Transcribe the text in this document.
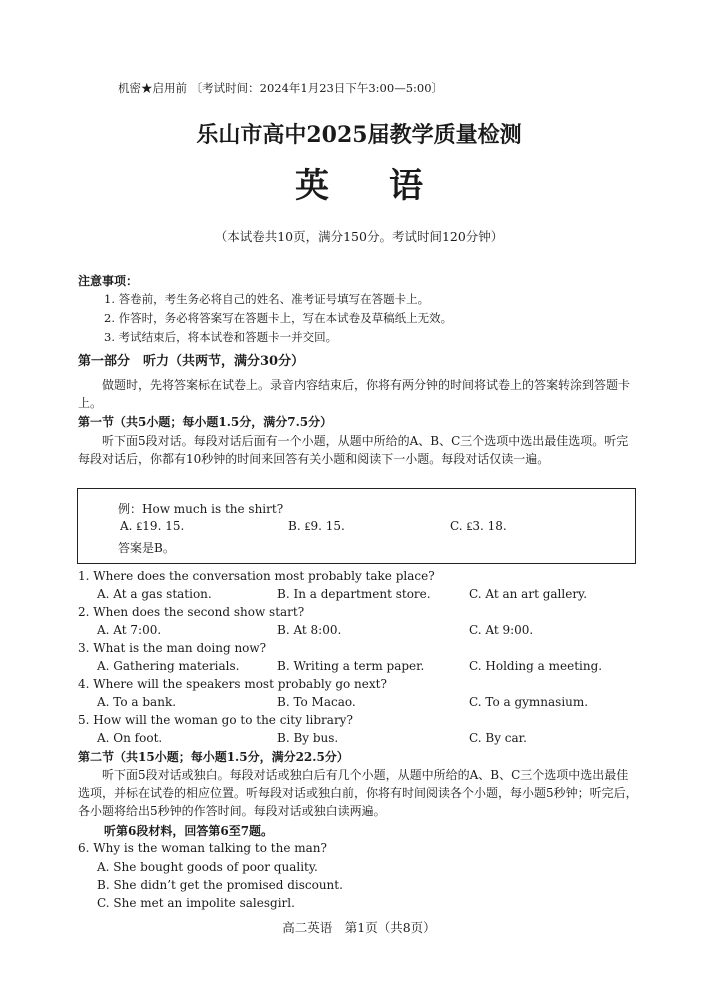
机密★启用前 〔考试时间：2024年1月23日下午3:00—5:00〕
乐山市高中2025届教学质量检测
英语
（本试卷共10页，满分150分。考试时间120分钟）
注意事项：
1. 答卷前，考生务必将自己的姓名、准考证号填写在答题卡上。
2. 作答时，务必将答案写在答题卡上，写在本试卷及草稿纸上无效。
3. 考试结束后，将本试卷和答题卡一并交回。
第一部分　听力（共两节，满分30分）
做题时，先将答案标在试卷上。录音内容结束后，你将有两分钟的时间将试卷上的答案转涂到答题卡上。
第一节（共5小题；每小题1.5分，满分7.5分）
听下面5段对话。每段对话后面有一个小题，从题中所给的A、B、C三个选项中选出最佳选项。听完每段对话后，你都有10秒钟的时间来回答有关小题和阅读下一小题。每段对话仅读一遍。
例：How much is the shirt?
A. ₤19. 15.	B. ₤9. 15.	C. ₤3. 18.
答案是B。
1. Where does the conversation most probably take place?
A. At a gas station.	B. In a department store.	C. At an art gallery.
2. When does the second show start?
A. At 7:00.	B. At 8:00.	C. At 9:00.
3. What is the man doing now?
A. Gathering materials.	B. Writing a term paper.	C. Holding a meeting.
4. Where will the speakers most probably go next?
A. To a bank.	B. To Macao.	C. To a gymnasium.
5. How will the woman go to the city library?
A. On foot.	B. By bus.	C. By car.
第二节（共15小题；每小题1.5分，满分22.5分）
听下面5段对话或独白。每段对话或独白后有几个小题，从题中所给的A、B、C三个选项中选出最佳选项，并标在试卷的相应位置。听每段对话或独白前，你将有时间阅读各个小题，每小题5秒钟；听完后，各小题将给出5秒钟的作答时间。每段对话或独白读两遍。
听第6段材料，回答第6至7题。
6. Why is the woman talking to the man?
A. She bought goods of poor quality.
B. She didn’t get the promised discount.
C. She met an impolite salesgirl.
高二英语　第1页（共8页）
